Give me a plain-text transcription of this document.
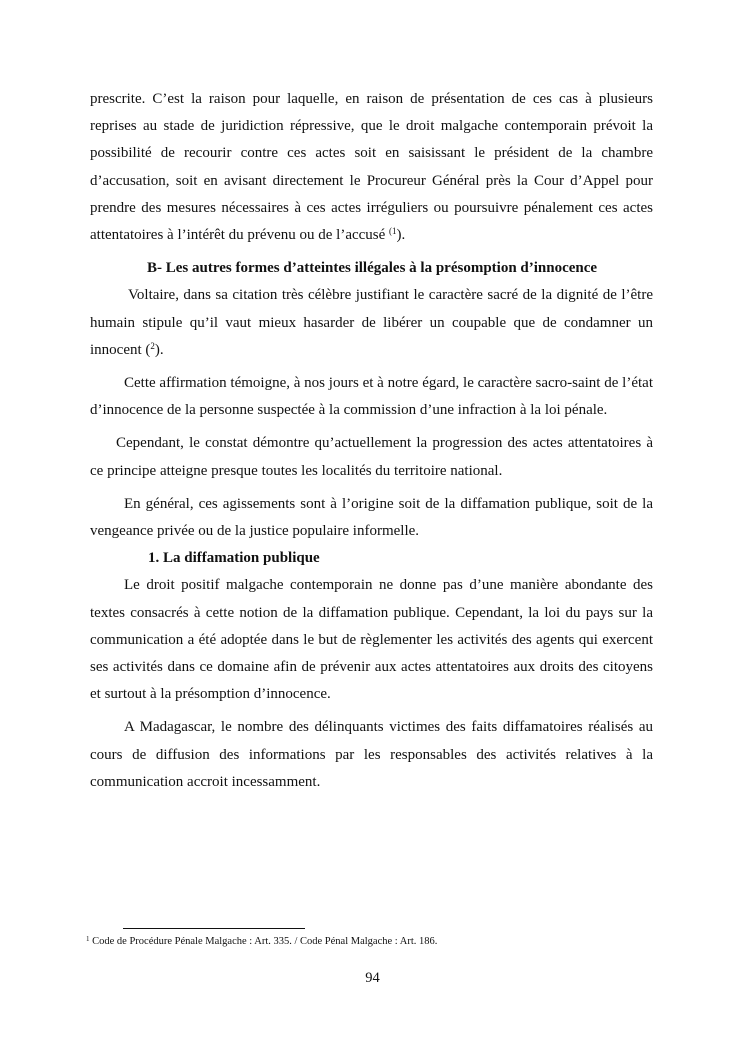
prescrite. C’est la raison pour laquelle, en raison de présentation de ces cas à plusieurs reprises au stade de juridiction répressive, que le droit malgache contemporain prévoit la possibilité de recourir contre ces actes soit en saisissant le président de la chambre d’accusation, soit en avisant directement le Procureur Général près la Cour d’Appel pour prendre des mesures nécessaires à ces actes irréguliers ou poursuivre pénalement ces actes attentatoires à l’intérêt du prévenu ou de l’accusé $^{(1}$).

B- Les autres formes d’atteintes illégales à la présomption d’innocence

Voltaire, dans sa citation très célèbre justifiant le caractère sacré de la dignité de l’être humain stipule qu’il vaut mieux hasarder de libérer un coupable que de condamner un innocent ($^2$).

Cette affirmation témoigne, à nos jours et à notre égard, le caractère sacro-saint de l’état d’innocence de la personne suspectée à la commission d’une infraction à la loi pénale.

Cependant, le constat démontre qu’actuellement la progression des actes attentatoires à ce principe atteigne presque toutes les localités du territoire national.

En général, ces agissements sont à l’origine soit de la diffamation publique, soit de la vengeance privée ou de la justice populaire informelle.

1. La diffamation publique

Le droit positif malgache contemporain ne donne pas d’une manière abondante des textes consacrés à cette notion de la diffamation publique. Cependant, la loi du pays sur la communication a été adoptée dans le but de règlementer les activités des agents qui exercent ses activités dans ce domaine afin de prévenir aux actes attentatoires aux droits des citoyens et surtout à la présomption d’innocence.

A Madagascar, le nombre des délinquants victimes des faits diffamatoires réalisés au cours de diffusion des informations par les responsables des activités relatives à la communication accroit incessamment.

$^1$ Code de Procédure Pénale Malgache : Art. 335. / Code Pénal Malgache : Art. 186.
94
